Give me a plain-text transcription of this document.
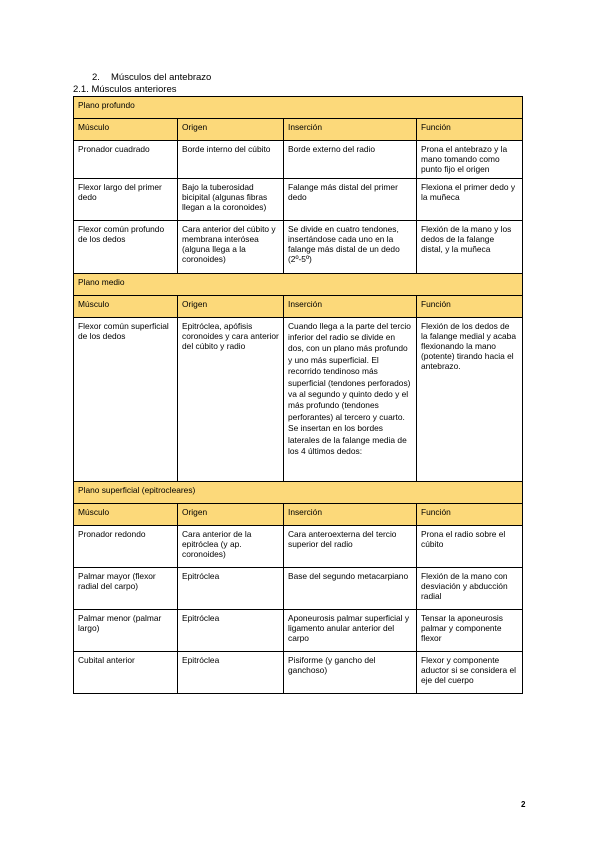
2. Músculos del antebrazo
2.1. Músculos anteriores
Plano profundo			
Músculo	Origen	Inserción	Función
Pronador cuadrado	Borde interno del cúbito	Borde externo del radio	Prona el antebrazo y la mano tomando como punto fijo el origen
Flexor largo del primer dedo	Bajo la tuberosidad bicipital (algunas fibras llegan a la coronoides)	Falange más distal del primer dedo	Flexiona el primer dedo y la muñeca
Flexor común profundo de los dedos	Cara anterior del cúbito y membrana interósea (alguna llega a la coronoides)	Se divide en cuatro tendones, insertándose cada uno en la falange más distal de un dedo (2º-5º)	Flexión de la mano y los dedos de la falange distal, y la muñeca
Plano medio			
Músculo	Origen	Inserción	Función
Flexor común superficial de los dedos	Epitróclea, apófisis coronoides y cara anterior del cúbito y radio	Cuando llega a la parte del tercio inferior del radio se divide en dos, con un plano más profundo y uno más superficial. El recorrido tendinoso más superficial (tendones perforados) va al segundo y quinto dedo y el más profundo (tendones perforantes) al tercero y cuarto. Se insertan en los bordes laterales de la falange media de los 4 últimos dedos:	Flexión de los dedos de la falange medial y acaba flexionando la mano (potente) tirando hacia el antebrazo.
Plano superficial (epitrocleares)			
Músculo	Origen	Inserción	Función
Pronador redondo	Cara anterior de la epitróclea (y ap. coronoides)	Cara anteroexterna del tercio superior del radio	Prona el radio sobre el cúbito
Palmar mayor (flexor radial del carpo)	Epitróclea	Base del segundo metacarpiano	Flexión de la mano con desviación y abducción radial
Palmar menor (palmar largo)	Epitróclea	Aponeurosis palmar superficial y ligamento anular anterior del carpo	Tensar la aponeurosis palmar y componente flexor
Cubital anterior	Epitróclea	Pisiforme (y gancho del ganchoso)	Flexor y componente aductor si se considera el eje del cuerpo
2
